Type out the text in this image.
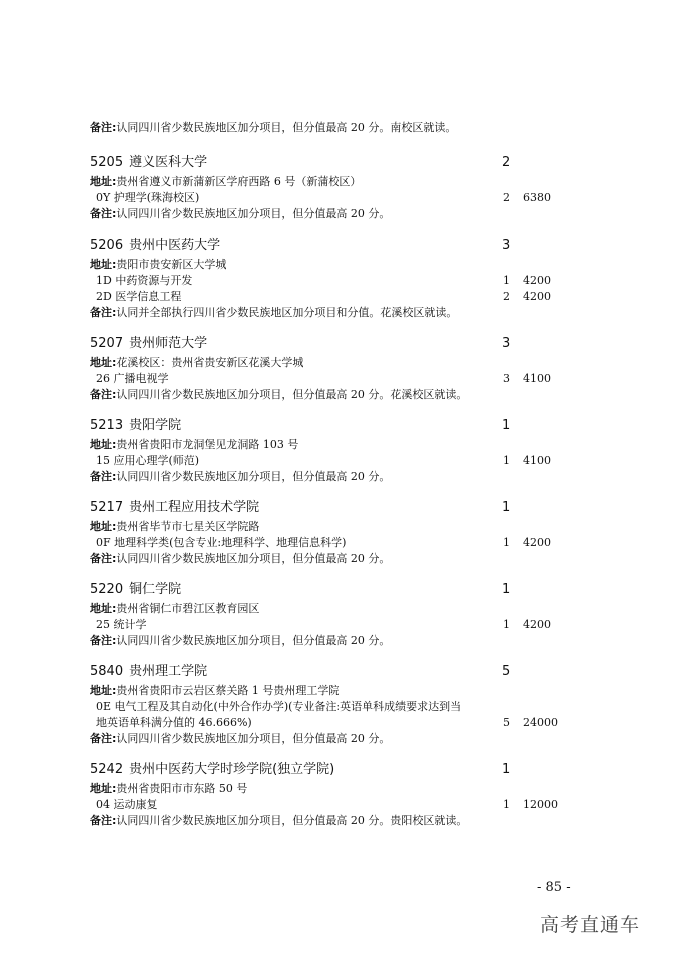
备注:认同四川省少数民族地区加分项目，但分值最高 20 分。南校区就读。
5205 遵义医科大学	2
地址:贵州省遵义市新蒲新区学府西路 6 号（新蒲校区）
0Y 护理学(珠海校区)	2 6380
备注:认同四川省少数民族地区加分项目，但分值最高 20 分。
5206 贵州中医药大学	3
地址:贵阳市贵安新区大学城
1D 中药资源与开发	1 4200
2D 医学信息工程	2 4200
备注:认同并全部执行四川省少数民族地区加分项目和分值。花溪校区就读。
5207 贵州师范大学	3
地址:花溪校区：贵州省贵安新区花溪大学城
26 广播电视学	3 4100
备注:认同四川省少数民族地区加分项目，但分值最高 20 分。花溪校区就读。
5213 贵阳学院	1
地址:贵州省贵阳市龙洞堡见龙洞路 103 号
15 应用心理学(师范)	1 4100
备注:认同四川省少数民族地区加分项目，但分值最高 20 分。
5217 贵州工程应用技术学院	1
地址:贵州省毕节市七星关区学院路
0F 地理科学类(包含专业:地理科学、地理信息科学)	1 4200
备注:认同四川省少数民族地区加分项目，但分值最高 20 分。
5220 铜仁学院	1
地址:贵州省铜仁市碧江区教育园区
25 统计学	1 4200
备注:认同四川省少数民族地区加分项目，但分值最高 20 分。
5840 贵州理工学院	5
地址:贵州省贵阳市云岩区蔡关路 1 号贵州理工学院
0E 电气工程及其自动化(中外合作办学)(专业备注:英语单科成绩要求达到当
地英语单科满分值的 46.666%)	5 24000
备注:认同四川省少数民族地区加分项目，但分值最高 20 分。
5242 贵州中医药大学时珍学院(独立学院)	1
地址:贵州省贵阳市市东路 50 号
04 运动康复	1 12000
备注:认同四川省少数民族地区加分项目，但分值最高 20 分。贵阳校区就读。
- 85 -
高考直通车
